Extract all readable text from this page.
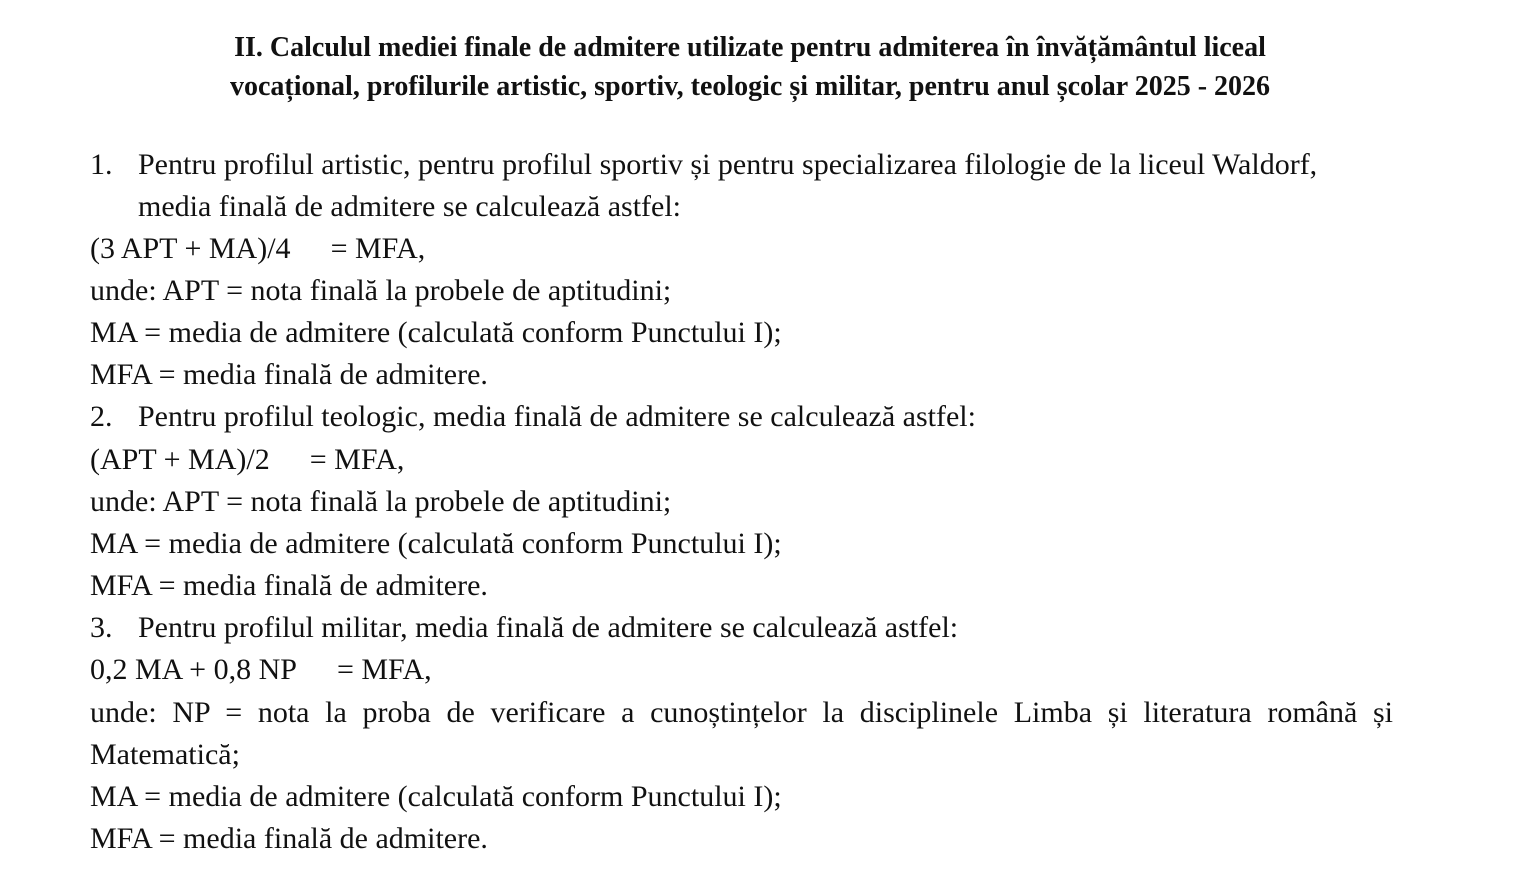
II. Calculul mediei finale de admitere utilizate pentru admiterea în învățământul liceal
vocațional, profilurile artistic, sportiv, teologic și militar, pentru anul școlar 2025 - 2026
1. Pentru profilul artistic, pentru profilul sportiv și pentru specializarea filologie de la liceul Waldorf,
media finală de admitere se calculează astfel:
(3 APT + MA)/4 = MFA,
unde: APT = nota finală la probele de aptitudini;
MA = media de admitere (calculată conform Punctului I);
MFA = media finală de admitere.
2. Pentru profilul teologic, media finală de admitere se calculează astfel:
(APT + MA)/2 = MFA,
unde: APT = nota finală la probele de aptitudini;
MA = media de admitere (calculată conform Punctului I);
MFA = media finală de admitere.
3. Pentru profilul militar, media finală de admitere se calculează astfel:
0,2 MA + 0,8 NP = MFA,
unde: NP = nota la proba de verificare a cunoștințelor la disciplinele Limba și literatura română și
Matematică;
MA = media de admitere (calculată conform Punctului I);
MFA = media finală de admitere.
